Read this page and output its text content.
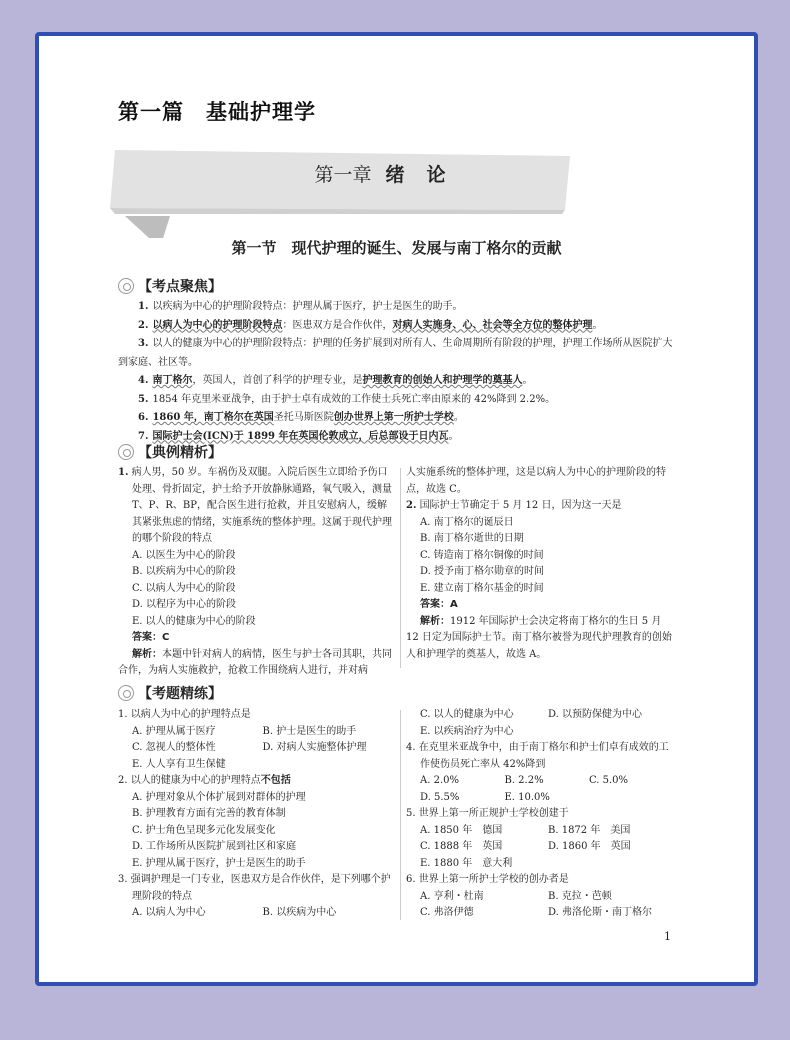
第一篇　基础护理学
第一章 绪论
第一节　现代护理的诞生、发展与南丁格尔的贡献
【考点聚焦】

1. 以疾病为中心的护理阶段特点：护理从属于医疗，护士是医生的助手。

2. 以病人为中心的护理阶段特点：医患双方是合作伙伴，对病人实施身、心、社会等全方位的整体护理。

3. 以人的健康为中心的护理阶段特点：护理的任务扩展到对所有人、生命周期所有阶段的护理，护理工作场所从医院扩大到家庭、社区等。

4. 南丁格尔，英国人，首创了科学的护理专业，是护理教育的创始人和护理学的奠基人。

5. 1854 年克里米亚战争，由于护士卓有成效的工作使士兵死亡率由原来的 42%降到 2.2%。

6. 1860 年，南丁格尔在英国圣托马斯医院创办世界上第一所护士学校。

7. 国际护士会(ICN)于 1899 年在英国伦敦成立，后总部设于日内瓦。

【典例精析】
1. 病人男，50 岁。车祸伤及双腿。入院后医生立即给予伤口处理、骨折固定，护士给予开放静脉通路，氧气吸入，测量 T、P、R、BP，配合医生进行抢救，并且安慰病人，缓解其紧张焦虑的情绪，实施系统的整体护理。这属于现代护理的哪个阶段的特点
A. 以医生为中心的阶段
B. 以疾病为中心的阶段
C. 以病人为中心的阶段
D. 以程序为中心的阶段
E. 以人的健康为中心的阶段
答案：C
解析：本题中针对病人的病情，医生与护士各司其职，共同合作，为病人实施救护，抢救工作围绕病人进行，并对病
人实施系统的整体护理，这是以病人为中心的护理阶段的特点，故选 C。
2. 国际护士节确定于 5 月 12 日，因为这一天是
A. 南丁格尔的诞辰日
B. 南丁格尔逝世的日期
C. 铸造南丁格尔铜像的时间
D. 授予南丁格尔勋章的时间
E. 建立南丁格尔基金的时间
答案：A
解析：1912 年国际护士会决定将南丁格尔的生日 5 月 12 日定为国际护士节。南丁格尔被誉为现代护理教育的创始人和护理学的奠基人，故选 A。
【考题精练】
1. 以病人为中心的护理特点是
A. 护理从属于医疗	B. 护士是医生的助手
C. 忽视人的整体性	D. 对病人实施整体护理
E. 人人享有卫生保健
2. 以人的健康为中心的护理特点不包括
A. 护理对象从个体扩展到对群体的护理
B. 护理教育方面有完善的教育体制
C. 护士角色呈现多元化发展变化
D. 工作场所从医院扩展到社区和家庭
E. 护理从属于医疗，护士是医生的助手
3. 强调护理是一门专业，医患双方是合作伙伴，是下列哪个护理阶段的特点
A. 以病人为中心	B. 以疾病为中心
C. 以人的健康为中心	D. 以预防保健为中心
E. 以疾病治疗为中心
4. 在克里米亚战争中，由于南丁格尔和护士们卓有成效的工作使伤员死亡率从 42%降到
A. 2.0%	B. 2.2%	C. 5.0%
D. 5.5%	E. 10.0%
5. 世界上第一所正规护士学校创建于
A. 1850 年　德国	B. 1872 年　美国
C. 1888 年　英国	D. 1860 年　英国
E. 1880 年　意大利
6. 世界上第一所护士学校的创办者是
A. 亨利・杜南	B. 克拉・芭顿
C. 弗洛伊德	D. 弗洛伦斯・南丁格尔
1
